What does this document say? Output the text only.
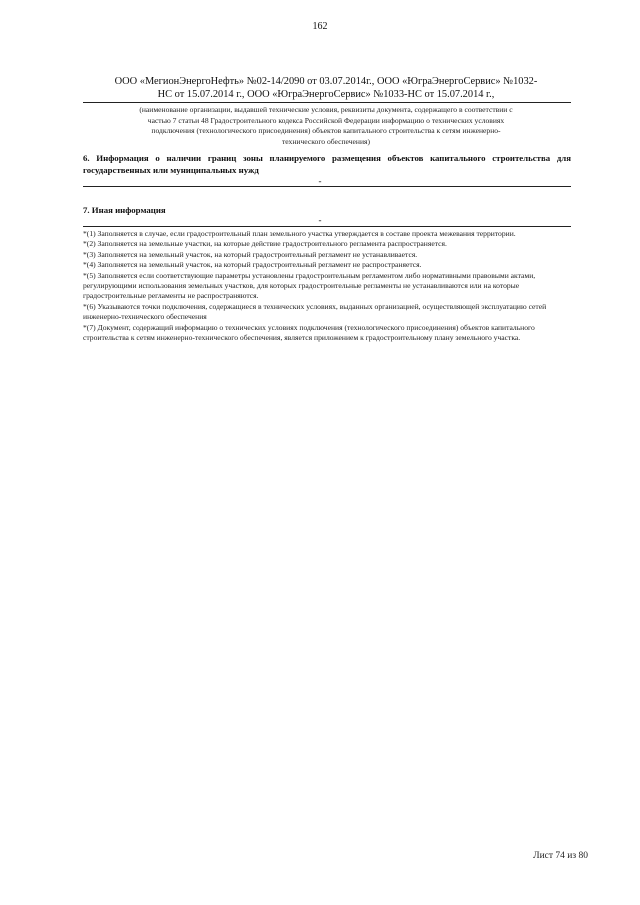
162
ООО «МегионЭнергоНефть» №02-14/2090 от 03.07.2014г., ООО «ЮграЭнергоСервис» №1032-
НС от 15.07.2014 г., ООО «ЮграЭнергоСервис» №1033-НС от 15.07.2014 г.,
(наименование организации, выдавшей технические условия, реквизиты документа, содержащего в соответствии с
частью 7 статьи 48 Градостроительного кодекса Российской Федерации информацию о технических условиях
подключения (технологического присоединения) объектов капитального строительства к сетям инженерно-
технического обеспечения)
6. Информация о наличии границ зоны планируемого размещения объектов капитального строительства для государственных или муниципальных нужд
-
7. Иная информация
-

*(1) Заполняется в случае, если градостроительный план земельного участка утверждается в составе проекта межевания территории.

*(2) Заполняется на земельные участки, на которые действие градостроительного регламента распространяется.

*(3) Заполняется на земельный участок, на который градостроительный регламент не устанавливается.

*(4) Заполняется на земельный участок, на который градостроительный регламент не распространяется.

*(5) Заполняется если соответствующие параметры установлены градостроительным регламентом либо нормативными правовыми актами, регулирующими использования земельных участков, для которых градостроительные регламенты не устанавливаются или на которые градостроительные регламенты не распространяются.

*(6) Указываются точки подключения, содержащиеся в технических условиях, выданных организацией, осуществляющей эксплуатацию сетей инженерно-технического обеспечения

*(7) Документ, содержащий информацию о технических условиях подключения (технологического присоединения) объектов капитального строительства к сетям инженерно-технического обеспечения, является приложением к градостроительному плану земельного участка.

Лист 74 из 80
